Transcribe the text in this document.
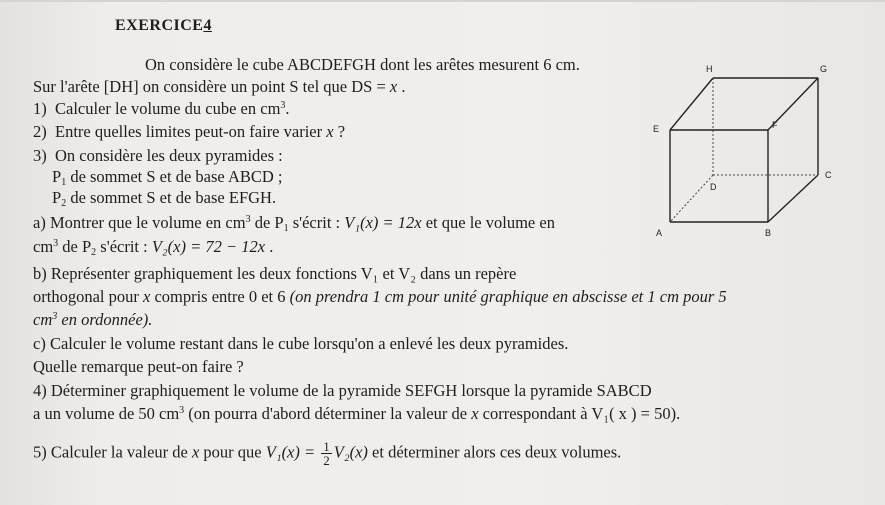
EXERCICE4
On considère le cube ABCDEFGH dont les arêtes mesurent 6 cm.
Sur l'arête [DH] on considère un point S tel que DS = x .
1) Calculer le volume du cube en $cm^3$.
2) Entre quelles limites peut-on faire varier x ?
3) On considère les deux pyramides :
$P_1$ de sommet S et de base ABCD ;
$P_2$ de sommet S et de base EFGH.
a) Montrer que le volume en $cm^3$ de $P_1$ s'écrit : V₁(x) = 12x et que le volume en
$cm^3$ de $P_2$ s'écrit : V₂(x) = 72 − 12x .
b) Représenter graphiquement les deux fonctions V₁ et V₂ dans un repère
orthogonal pour x compris entre 0 et 6 (on prendra 1 cm pour unité graphique en abscisse et 1 cm pour 5
$cm^3$ en ordonnée).
c) Calculer le volume restant dans le cube lorsqu'on a enlevé les deux pyramides.
Quelle remarque peut-on faire ?
4) Déterminer graphiquement le volume de la pyramide SEFGH lorsque la pyramide SABCD
a un volume de 50 $cm^3$ (on pourra d'abord déterminer la valeur de x correspondant à V₁( x ) = 50).
5) Calculer la valeur de x pour que $V_1(x) = \frac{1}{2} V_2(x)$ et déterminer alors ces deux volumes.
A	B
C
D
E	F
G
H
